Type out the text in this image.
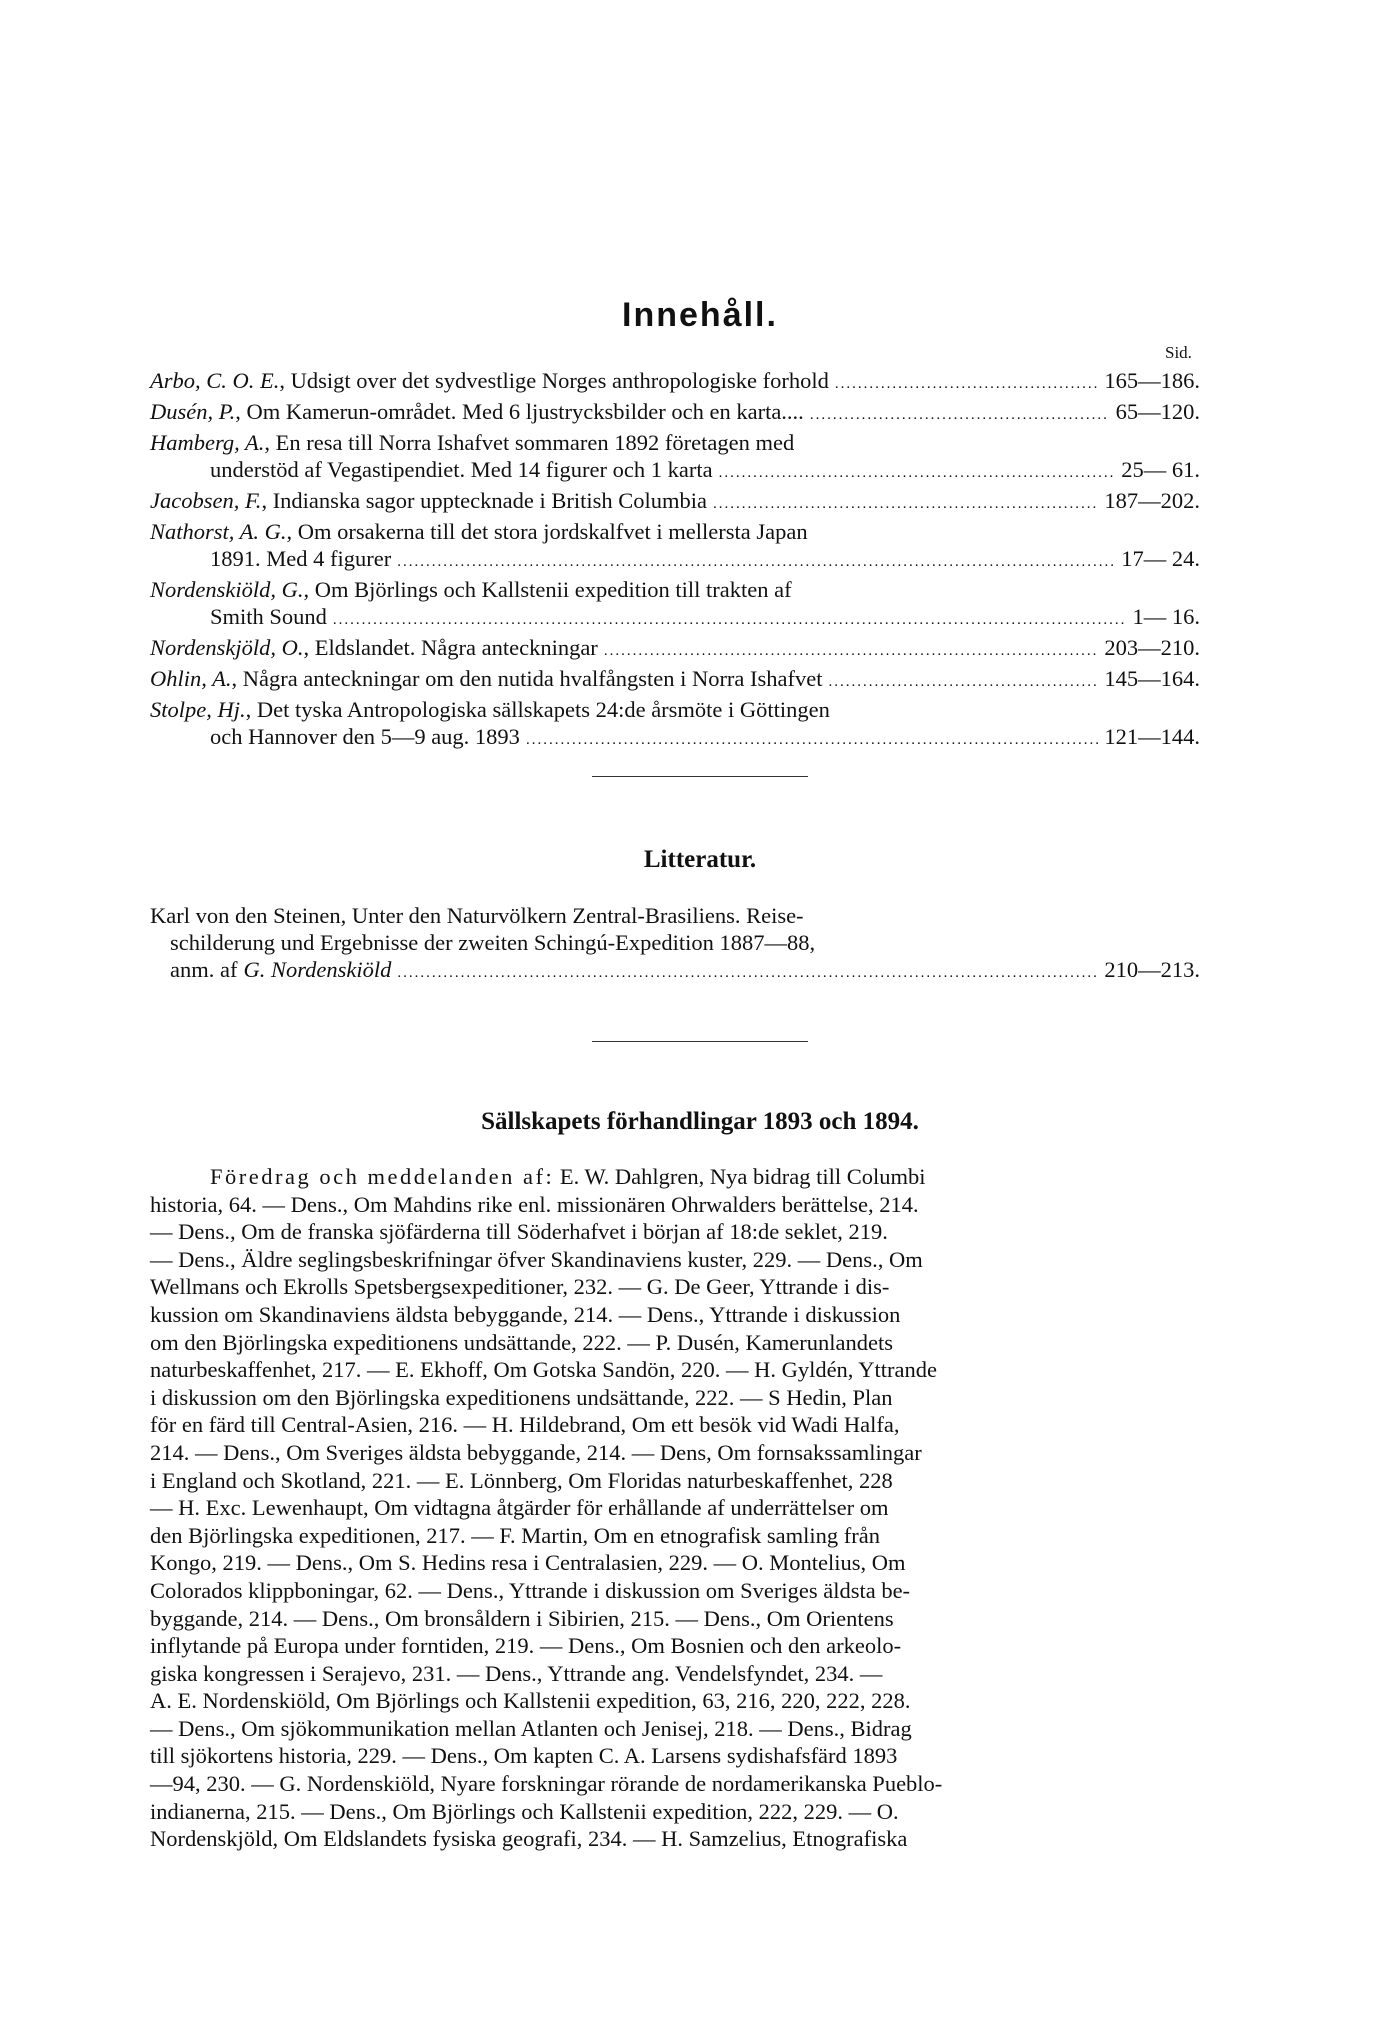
Innehåll.
Sid.
Arbo, C. O. E. , Udsigt over det sydvestlige Norges anthropologiske forhold .....	165—186.
Dusén, P. , Om Kamerun-området. Med 6 ljustrycksbilder och en karta.... .....	65—120.
Hamberg, A. , En resa till Norra Ishafvet sommaren 1892 företagen med
understöd af Vegastipendiet. Med 14 figurer och 1 karta .....	25— 61.
Jacobsen, F. , Indianska sagor upptecknade i British Columbia .....	187—202.
Nathorst, A. G. , Om orsakerna till det stora jordskalfvet i mellersta Japan
1891. Med 4 figurer .....	17— 24.
Nordenskiöld, G. , Om Björlings och Kallstenii expedition till trakten af
Smith Sound .....	1— 16.
Nordenskjöld, O. , Eldslandet. Några anteckningar .....	203—210.
Ohlin, A. , Några anteckningar om den nutida hvalfångsten i Norra Ishafvet .....	145—164.
Stolpe, Hj. , Det tyska Antropologiska sällskapets 24:de årsmöte i Göttingen
och Hannover den 5—9 aug. 1893 .....	121—144.
Litteratur.
Karl von den Steinen, Unter den Naturvölkern Zentral-Brasiliens. Reise-
schilderung und Ergebnisse der zweiten Schingú-Expedition 1887—88,
anm. af G. Nordenskiöld .....	210—213.
Sällskapets förhandlingar 1893 och 1894.
Föredrag och meddelanden af: E. W. Dahlgren, Nya bidrag till Columbi
historia, 64. — Dens., Om Mahdins rike enl. missionären Ohrwalders berättelse, 214.
— Dens., Om de franska sjöfärderna till Söderhafvet i början af 18:de seklet, 219.
— Dens., Äldre seglingsbeskrifningar öfver Skandinaviens kuster, 229. — Dens., Om
Wellmans och Ekrolls Spetsbergsexpeditioner, 232. — G. De Geer, Yttrande i dis-
kussion om Skandinaviens äldsta bebyggande, 214. — Dens., Yttrande i diskussion
om den Björlingska expeditionens undsättande, 222. — P. Dusén, Kamerunlandets
naturbeskaffenhet, 217. — E. Ekhoff, Om Gotska Sandön, 220. — H. Gyldén, Yttrande
i diskussion om den Björlingska expeditionens undsättande, 222. — S Hedin, Plan
för en färd till Central-Asien, 216. — H. Hildebrand, Om ett besök vid Wadi Halfa,
214. — Dens., Om Sveriges äldsta bebyggande, 214. — Dens, Om fornsakssamlingar
i England och Skotland, 221. — E. Lönnberg, Om Floridas naturbeskaffenhet, 228
— H. Exc. Lewenhaupt, Om vidtagna åtgärder för erhållande af underrättelser om
den Björlingska expeditionen, 217. — F. Martin, Om en etnografisk samling från
Kongo, 219. — Dens., Om S. Hedins resa i Centralasien, 229. — O. Montelius, Om
Colorados klippboningar, 62. — Dens., Yttrande i diskussion om Sveriges äldsta be-
byggande, 214. — Dens., Om bronsåldern i Sibirien, 215. — Dens., Om Orientens
inflytande på Europa under forntiden, 219. — Dens., Om Bosnien och den arkeolo-
giska kongressen i Serajevo, 231. — Dens., Yttrande ang. Vendelsfyndet, 234. —
A. E. Nordenskiöld, Om Björlings och Kallstenii expedition, 63, 216, 220, 222, 228.
— Dens., Om sjökommunikation mellan Atlanten och Jenisej, 218. — Dens., Bidrag
till sjökortens historia, 229. — Dens., Om kapten C. A. Larsens sydishafsfärd 1893
—94, 230. — G. Nordenskiöld, Nyare forskningar rörande de nordamerikanska Pueblo-
indianerna, 215. — Dens., Om Björlings och Kallstenii expedition, 222, 229. — O.
Nordenskjöld, Om Eldslandets fysiska geografi, 234. — H. Samzelius, Etnografiska
